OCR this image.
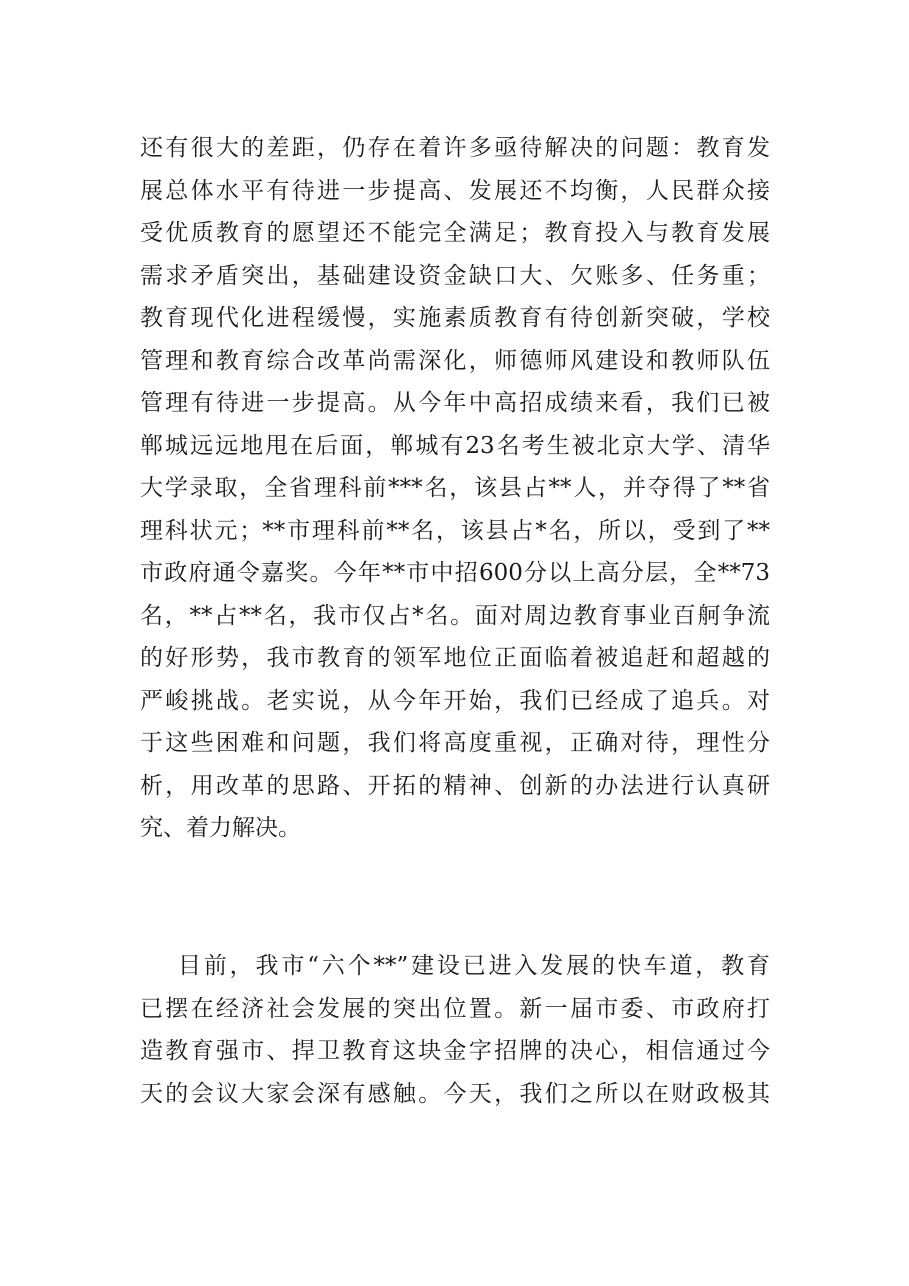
还有很大的差距，仍存在着许多亟待解决的问题：教育发
展总体水平有待进一步提高、发展还不均衡，人民群众接
受优质教育的愿望还不能完全满足；教育投入与教育发展
需求矛盾突出，基础建设资金缺口大、欠账多、任务重；
教育现代化进程缓慢，实施素质教育有待创新突破，学校
管理和教育综合改革尚需深化，师德师风建设和教师队伍
管理有待进一步提高。从今年中高招成绩来看，我们已被
郸城远远地甩在后面，郸城有23名考生被北京大学、清华
大学录取，全省理科前***名，该县占**人，并夺得了**省
理科状元；**市理科前**名，该县占*名，所以，受到了**
市政府通令嘉奖。今年**市中招600分以上高分层，全**73
名，**占**名，我市仅占*名。面对周边教育事业百舸争流
的好形势，我市教育的领军地位正面临着被追赶和超越的
严峻挑战。老实说，从今年开始，我们已经成了追兵。对
于这些困难和问题，我们将高度重视，正确对待，理性分
析，用改革的思路、开拓的精神、创新的办法进行认真研
究、着力解决。
目前，我市“六个**”建设已进入发展的快车道，教育
已摆在经济社会发展的突出位置。新一届市委、市政府打
造教育强市、捍卫教育这块金字招牌的决心，相信通过今
天的会议大家会深有感触。今天，我们之所以在财政极其
